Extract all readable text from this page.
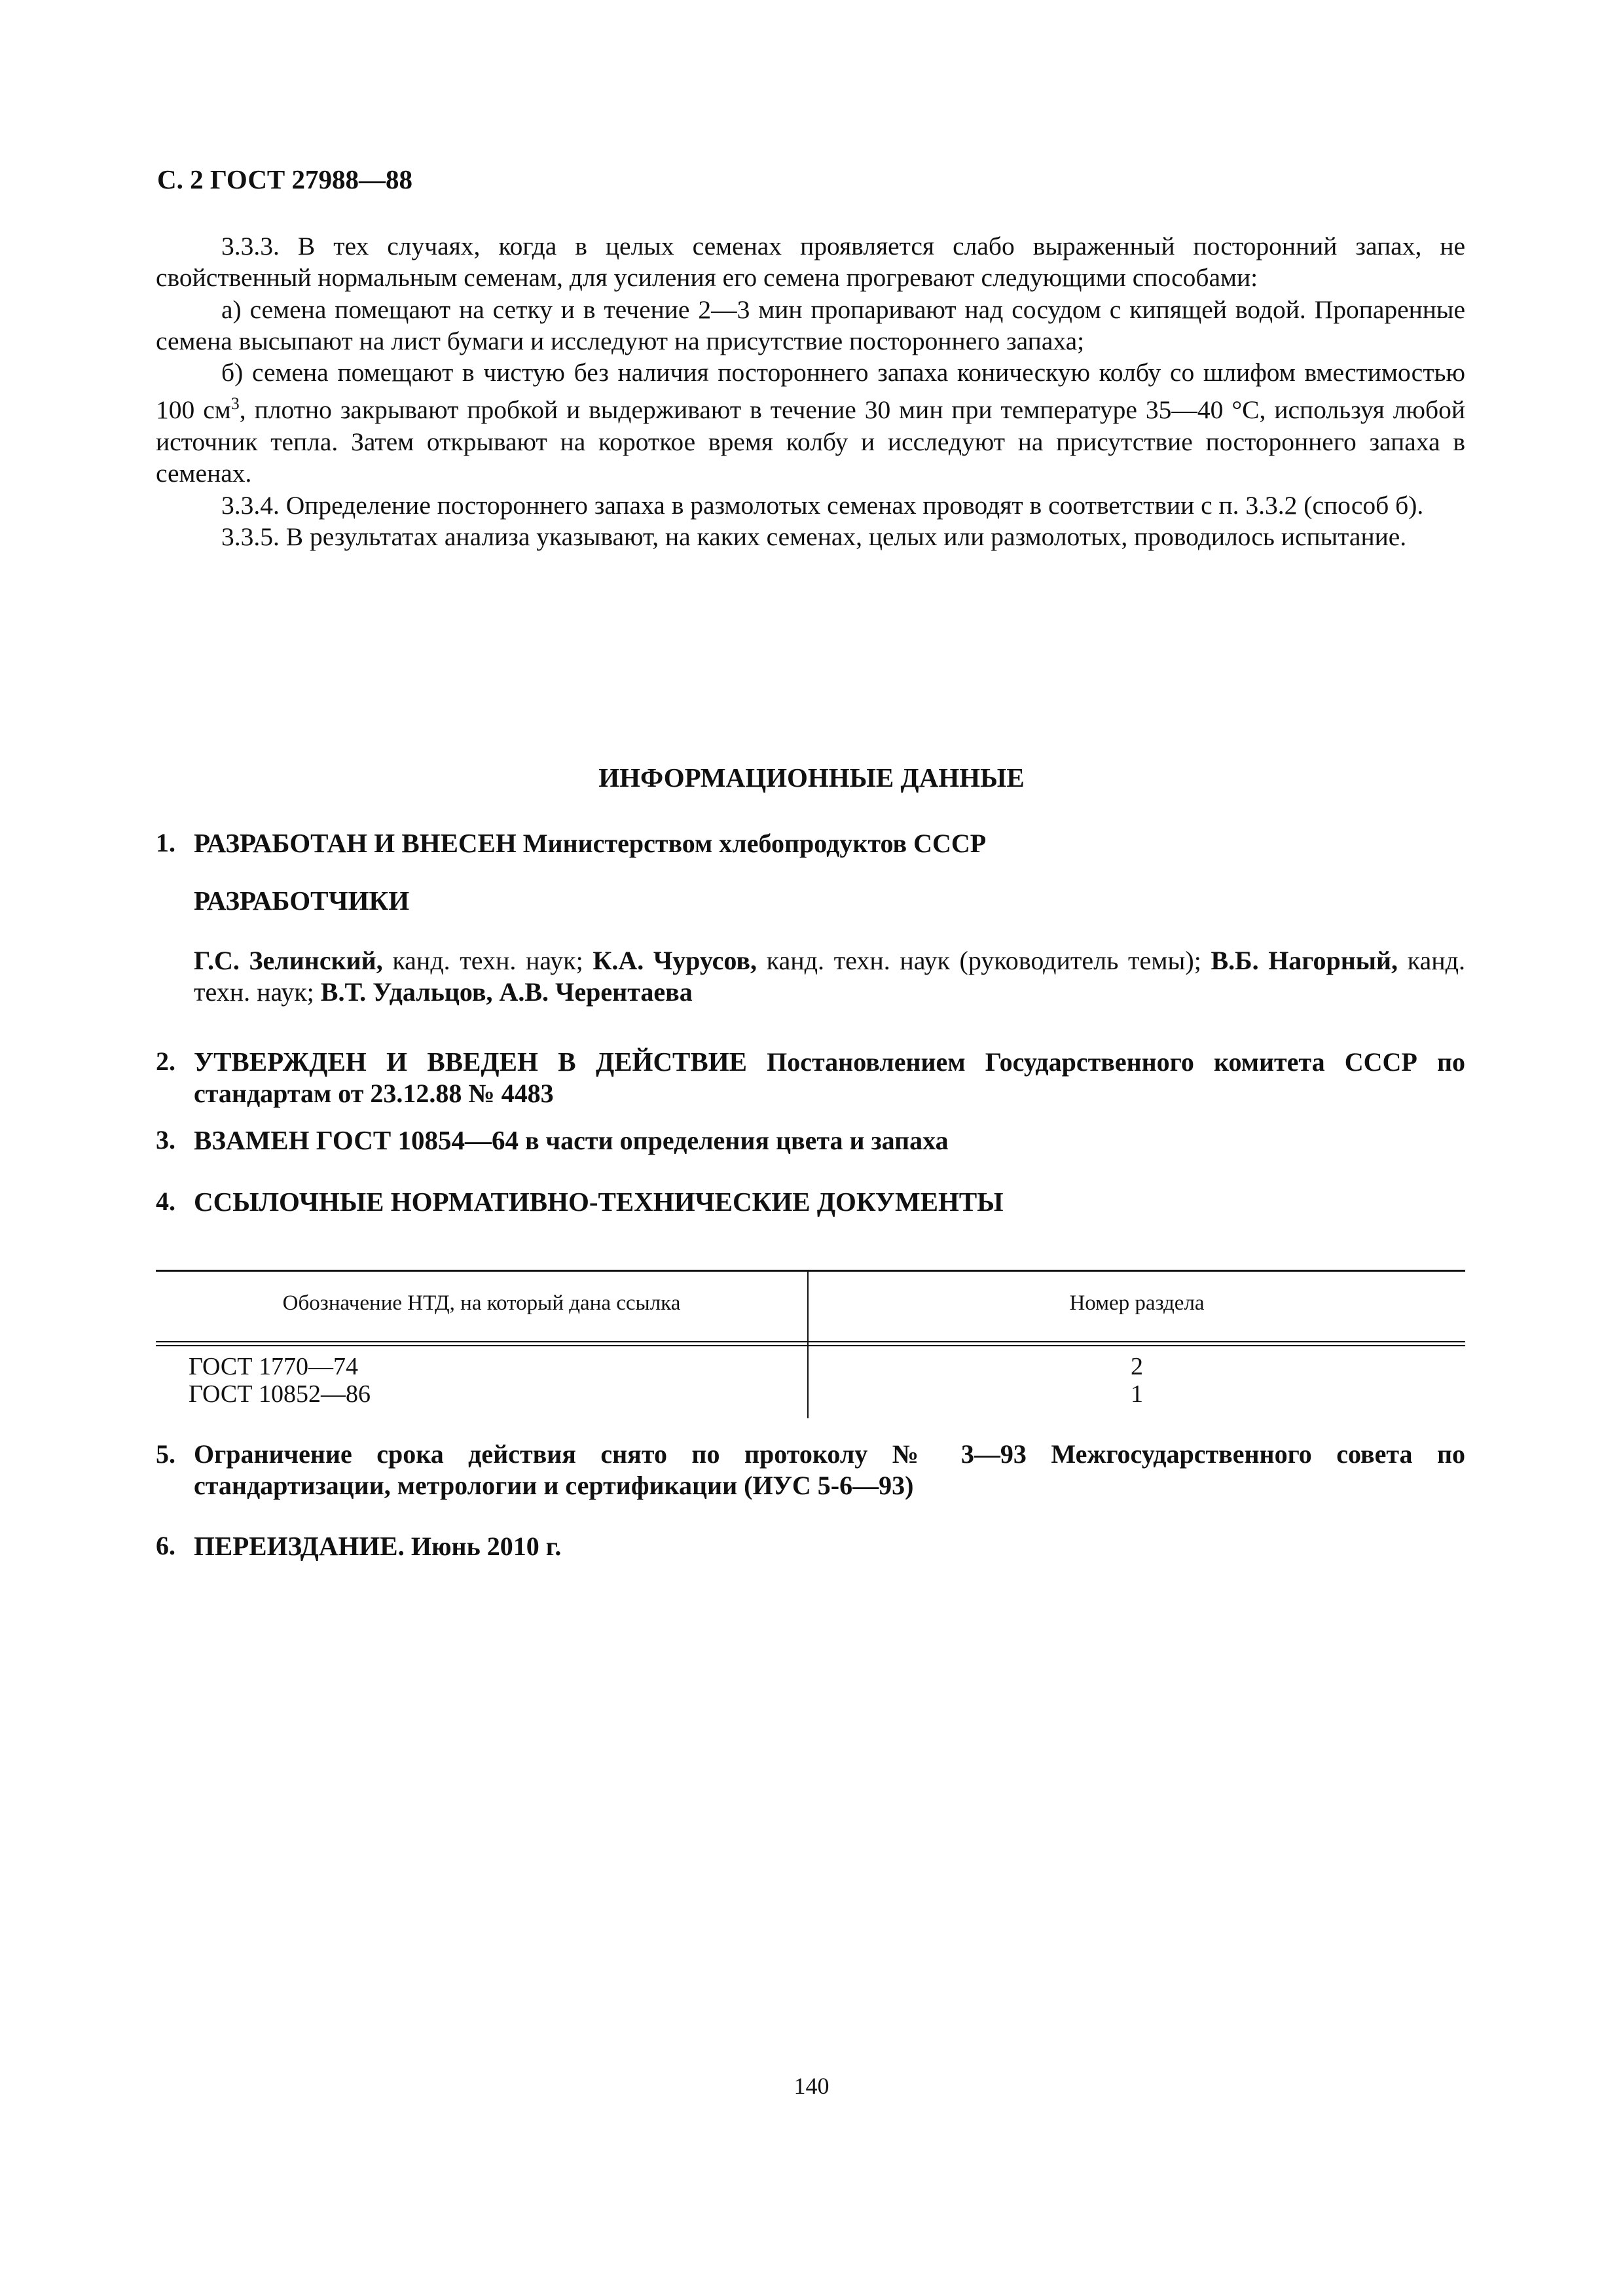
С. 2 ГОСТ 27988—88

3.3.3. В тех случаях, когда в целых семенах проявляется слабо выраженный посторонний запах, не свойственный нормальным семенам, для усиления его семена прогревают следующими способами:

а) семена помещают на сетку и в течение 2—3 мин пропаривают над сосудом с кипящей водой. Пропаренные семена высыпают на лист бумаги и исследуют на присутствие постороннего запаха;

б) семена помещают в чистую без наличия постороннего запаха коническую колбу со шлифом вместимостью 100 $см^3$, плотно закрывают пробкой и выдерживают в течение 30 мин при температуре 35—40 °С, используя любой источник тепла. Затем открывают на короткое время колбу и исследуют на присутствие постороннего запаха в семенах.

3.3.4. Определение постороннего запаха в размолотых семенах проводят в соответствии с п. 3.3.2 (способ б).

3.3.5. В результатах анализа указывают, на каких семенах, целых или размолотых, проводилось испытание.

ИНФОРМАЦИОННЫЕ ДАННЫЕ
1. РАЗРАБОТАН И ВНЕСЕН Министерством хлебопродуктов СССР
РАЗРАБОТЧИКИ
Г.С. Зелинский, канд. техн. наук; К.А. Чурусов, канд. техн. наук (руководитель темы); В.Б. Нагорный, канд. техн. наук; В.Т. Удальцов, А.В. Черентаева
2. УТВЕРЖДЕН И ВВЕДЕН В ДЕЙСТВИЕ Постановлением Государственного комитета СССР по стандартам от 23.12.88 № 4483
3. ВЗАМЕН ГОСТ 10854—64 в части определения цвета и запаха
4. ССЫЛОЧНЫЕ НОРМАТИВНО-ТЕХНИЧЕСКИЕ ДОКУМЕНТЫ
Обозначение НТД, на который дана ссылка	Номер раздела
ГОСТ 1770—74	2
ГОСТ 10852—86	1
5. Ограничение срока действия снято по протоколу № 3—93 Межгосударственного совета по стандартизации, метрологии и сертификации (ИУС 5-6—93)
6. ПЕРЕИЗДАНИЕ. Июнь 2010 г.
140
